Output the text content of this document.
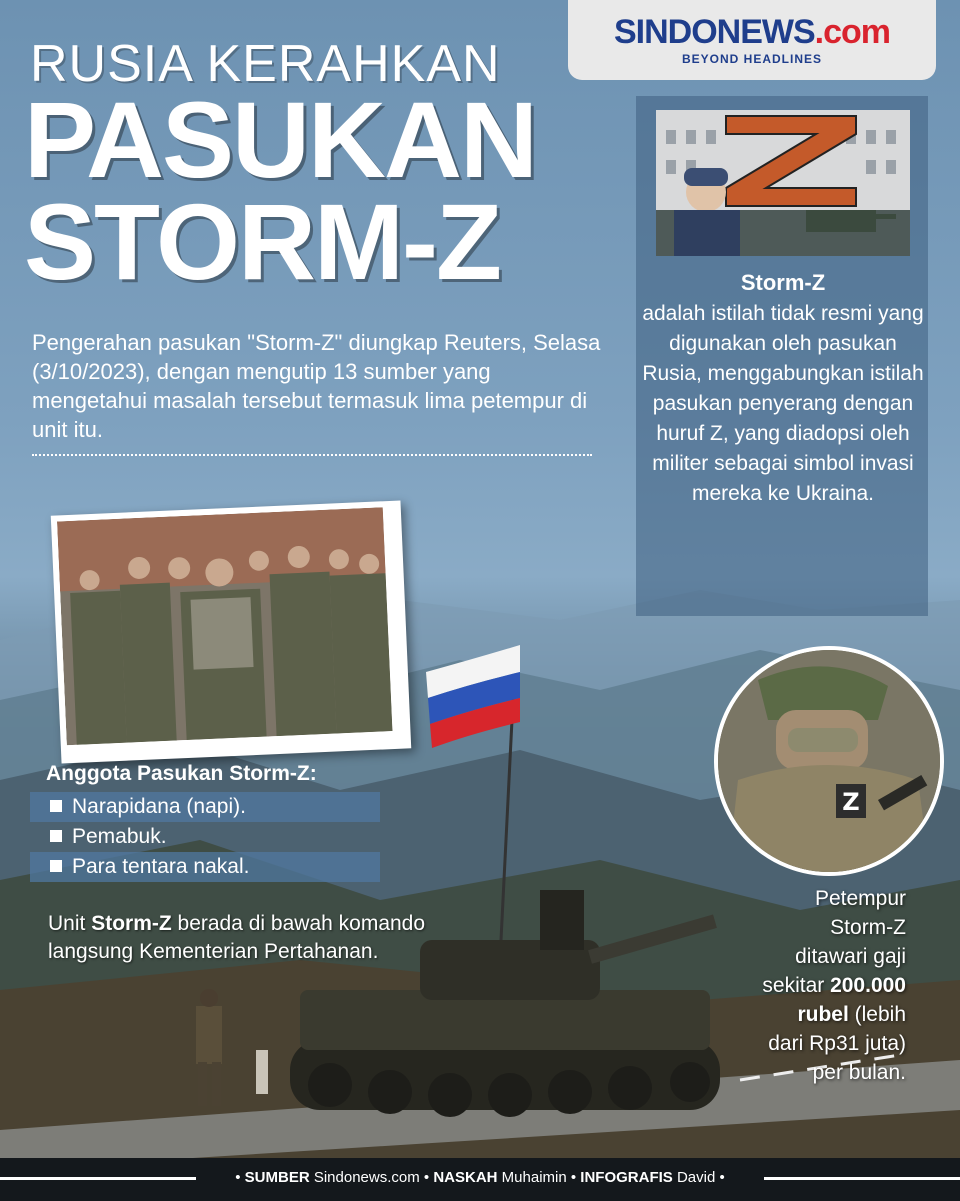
SINDONEWS.com
BEYOND HEADLINES
RUSIA KERAHKAN
PASUKAN
STORM-Z
Pengerahan pasukan "Storm-Z" diungkap Reuters, Selasa (3/10/2023), dengan mengutip 13 sumber yang mengetahui masalah tersebut termasuk lima petempur di unit itu.
Storm-Z
adalah istilah tidak resmi yang digunakan oleh pasukan Rusia, menggabungkan istilah pasukan penyerang dengan huruf Z, yang diadopsi oleh militer sebagai simbol invasi mereka ke Ukraina.
Anggota Pasukan Storm-Z:
Narapidana (napi).
Pemabuk.
Para tentara nakal.
Unit Storm-Z berada di bawah komando langsung Kementerian Pertahanan.
Z
Petempur
Storm-Z
ditawari gaji
sekitar 200.000
rubel (lebih
dari Rp31 juta)
per bulan.
• SUMBER Sindonews.com • NASKAH Muhaimin • INFOGRAFIS David •
